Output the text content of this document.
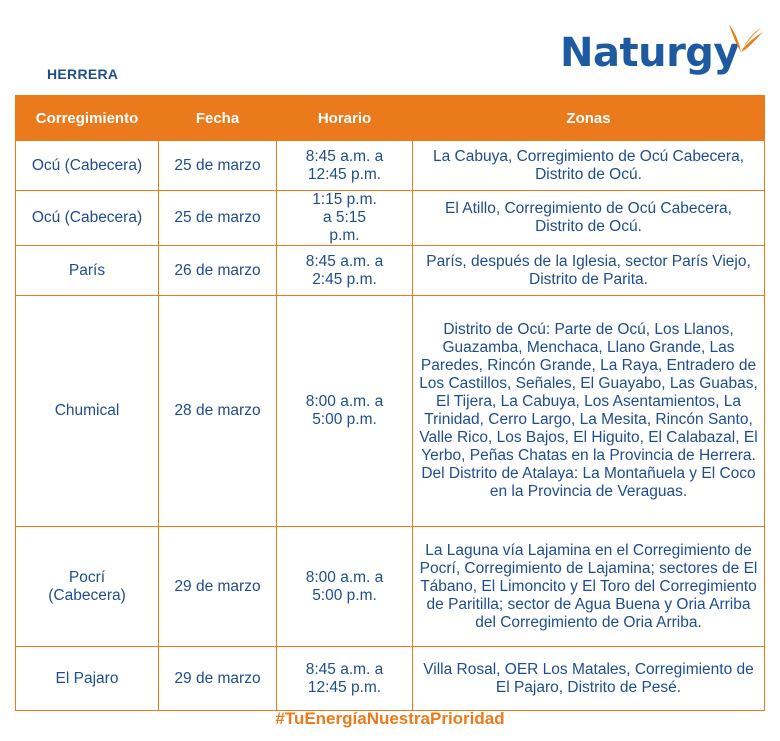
HERRERA	Naturgy
Corregimiento	Fecha	Horario	Zonas
Ocú (Cabecera)	25 de marzo	8:45 a.m. a 12:45 p.m.	La Cabuya, Corregimiento de Ocú Cabecera, Distrito de Ocú.
Ocú (Cabecera)	25 de marzo	1:15 p.m. a 5:15 p.m.	El Atillo, Corregimiento de Ocú Cabecera, Distrito de Ocú.
París	26 de marzo	8:45 a.m. a 2:45 p.m.	París, después de la Iglesia, sector París Viejo, Distrito de Parita.
Chumical	28 de marzo	8:00 a.m. a 5:00 p.m.	Distrito de Ocú: Parte de Ocú, Los Llanos, Guazamba, Menchaca, Llano Grande, Las Paredes, Rincón Grande, La Raya, Entradero de Los Castillos, Señales, El Guayabo, Las Guabas, El Tijera, La Cabuya, Los Asentamientos, La Trinidad, Cerro Largo, La Mesita, Rincón Santo, Valle Rico, Los Bajos, El Higuito, El Calabazal, El Yerbo, Peñas Chatas en la Provincia de Herrera. Del Distrito de Atalaya: La Montañuela y El Coco en la Provincia de Veraguas.
Pocrí (Cabecera)	29 de marzo	8:00 a.m. a 5:00 p.m.	La Laguna vía Lajamina en el Corregimiento de Pocrí, Corregimiento de Lajamina; sectores de El Tábano, El Limoncito y El Toro del Corregimiento de Paritilla; sector de Agua Buena y Oria Arriba del Corregimiento de Oria Arriba.
El Pajaro	29 de marzo	8:45 a.m. a 12:45 p.m.	Villa Rosal, OER Los Matales, Corregimiento de El Pajaro, Distrito de Pesé.
#TuEnergíaNuestraPrioridad
